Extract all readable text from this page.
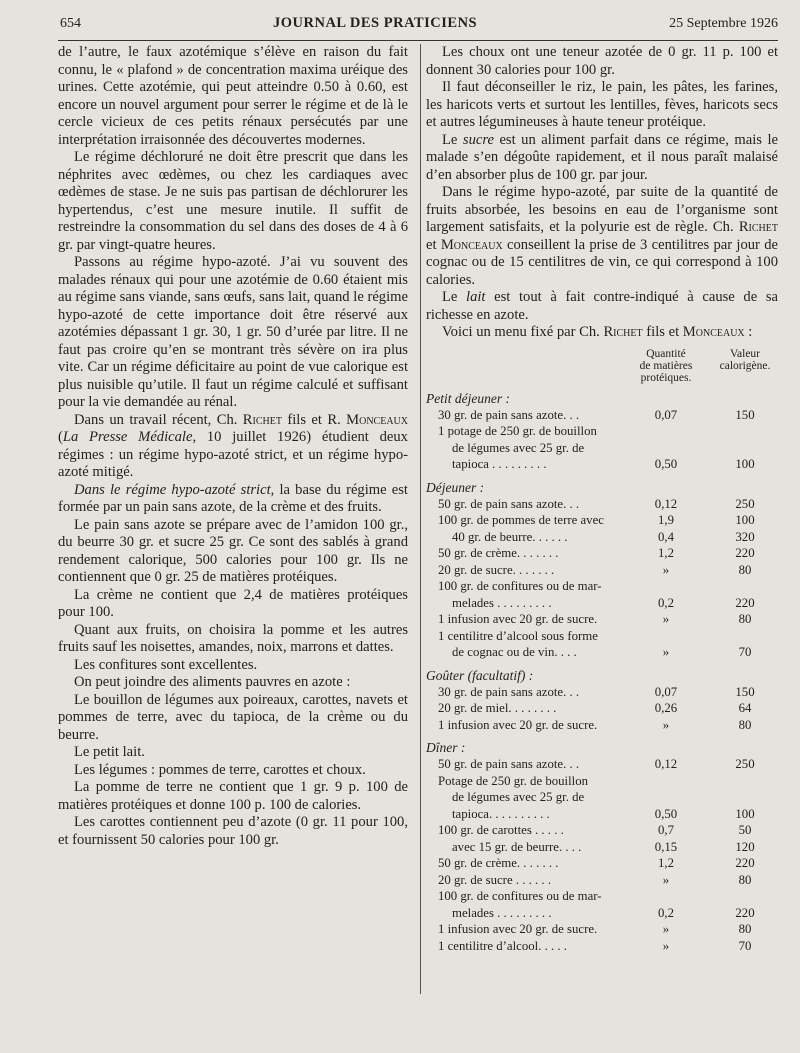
654	JOURNAL DES PRATICIENS	25 Septembre 1926

de l’autre, le faux azotémique s’élève en raison du fait connu, le « plafond » de concentration maxima uréique des urines. Cette azotémie, qui peut atteindre 0.50 à 0.60, est encore un nouvel argument pour serrer le régime et de là le cercle vicieux de ces petits rénaux persécutés par une interprétation irraisonnée des découvertes modernes.

Le régime déchloruré ne doit être prescrit que dans les néphrites avec œdèmes, ou chez les cardiaques avec œdèmes de stase. Je ne suis pas partisan de déchlorurer les hypertendus, c’est une mesure inutile. Il suffit de restreindre la consommation du sel dans des doses de 4 à 6 gr. par vingt-quatre heures.

Passons au régime hypo-azoté. J’ai vu souvent des malades rénaux qui pour une azotémie de 0.60 étaient mis au régime sans viande, sans œufs, sans lait, quand le régime hypo-azoté de cette importance doit être réservé aux azotémies dépassant 1 gr. 30, 1 gr. 50 d’urée par litre. Il ne faut pas croire qu’en se montrant très sévère on ira plus vite. Car un régime déficitaire au point de vue calorique est plus nuisible qu’utile. Il faut un régime calculé et suffisant pour la vie demandée au rénal.

Dans un travail récent, Ch. Richet fils et R. Monceaux (La Presse Médicale, 10 juillet 1926) étudient deux régimes : un régime hypo-azoté strict, et un régime hypo-azoté mitigé.

Dans le régime hypo-azoté strict, la base du régime est formée par un pain sans azote, de la crème et des fruits.

Le pain sans azote se prépare avec de l’amidon 100 gr., du beurre 30 gr. et sucre 25 gr. Ce sont des sablés à grand rendement calorique, 500 calories pour 100 gr. Ils ne contiennent que 0 gr. 25 de matières protéiques.

La crème ne contient que 2,4 de matières protéiques pour 100.

Quant aux fruits, on choisira la pomme et les autres fruits sauf les noisettes, amandes, noix, marrons et dattes.

Les confitures sont excellentes.

On peut joindre des aliments pauvres en azote :

Le bouillon de légumes aux poireaux, carottes, navets et pommes de terre, avec du tapioca, de la crème ou du beurre.

Le petit lait.

Les légumes : pommes de terre, carottes et choux.

La pomme de terre ne contient que 1 gr. 9 p. 100 de matières protéiques et donne 100 p. 100 de calories.

Les carottes contiennent peu d’azote (0 gr. 11 pour 100, et fournissent 50 calories pour 100 gr.

Les choux ont une teneur azotée de 0 gr. 11 p. 100 et donnent 30 calories pour 100 gr.

Il faut déconseiller le riz, le pain, les pâtes, les farines, les haricots verts et surtout les lentilles, fèves, haricots secs et autres légumineuses à haute teneur protéique.

Le sucre est un aliment parfait dans ce régime, mais le malade s’en dégoûte rapidement, et il nous paraît malaisé d’en absorber plus de 100 gr. par jour.

Dans le régime hypo-azoté, par suite de la quantité de fruits absorbée, les besoins en eau de l’organisme sont largement satisfaits, et la polyurie est de règle. Ch. Richet et Monceaux conseillent la prise de 3 centilitres par jour de cognac ou de 15 centilitres de vin, ce qui correspond à 100 calories.

Le lait est tout à fait contre-indiqué à cause de sa richesse en azote.

Voici un menu fixé par Ch. Richet fils et Monceaux :

Quantité
de matières
protéiques.
Valeur
calorigène.
Petit déjeuner :
30 gr. de pain sans azote. . .	0,07	150
1 potage de 250 gr. de bouillon
de légumes avec 25 gr. de
tapioca . . . . . . . . .	0,50	100
Déjeuner :
50 gr. de pain sans azote. . .	0,12	250
100 gr. de pommes de terre avec	1,9	100
40 gr. de beurre. . . . . .	0,4	320
50 gr. de crème. . . . . . .	1,2	220
20 gr. de sucre. . . . . . .	»	80
100 gr. de confitures ou de mar-
melades . . . . . . . . .	0,2	220
1 infusion avec 20 gr. de sucre.	»	80
1 centilitre d’alcool sous forme
de cognac ou de vin. . . .	»	70
Goûter (facultatif) :
30 gr. de pain sans azote. . .	0,07	150
20 gr. de miel. . . . . . . .	0,26	64
1 infusion avec 20 gr. de sucre.	»	80
Dîner :
50 gr. de pain sans azote. . .	0,12	250
Potage de 250 gr. de bouillon
de légumes avec 25 gr. de
tapioca. . . . . . . . . .	0,50	100
100 gr. de carottes . . . . .	0,7	50
avec 15 gr. de beurre. . . .	0,15	120
50 gr. de crème. . . . . . .	1,2	220
20 gr. de sucre . . . . . .	»	80
100 gr. de confitures ou de mar-
melades . . . . . . . . .	0,2	220
1 infusion avec 20 gr. de sucre.	»	80
1 centilitre d’alcool. . . . .	»	70
